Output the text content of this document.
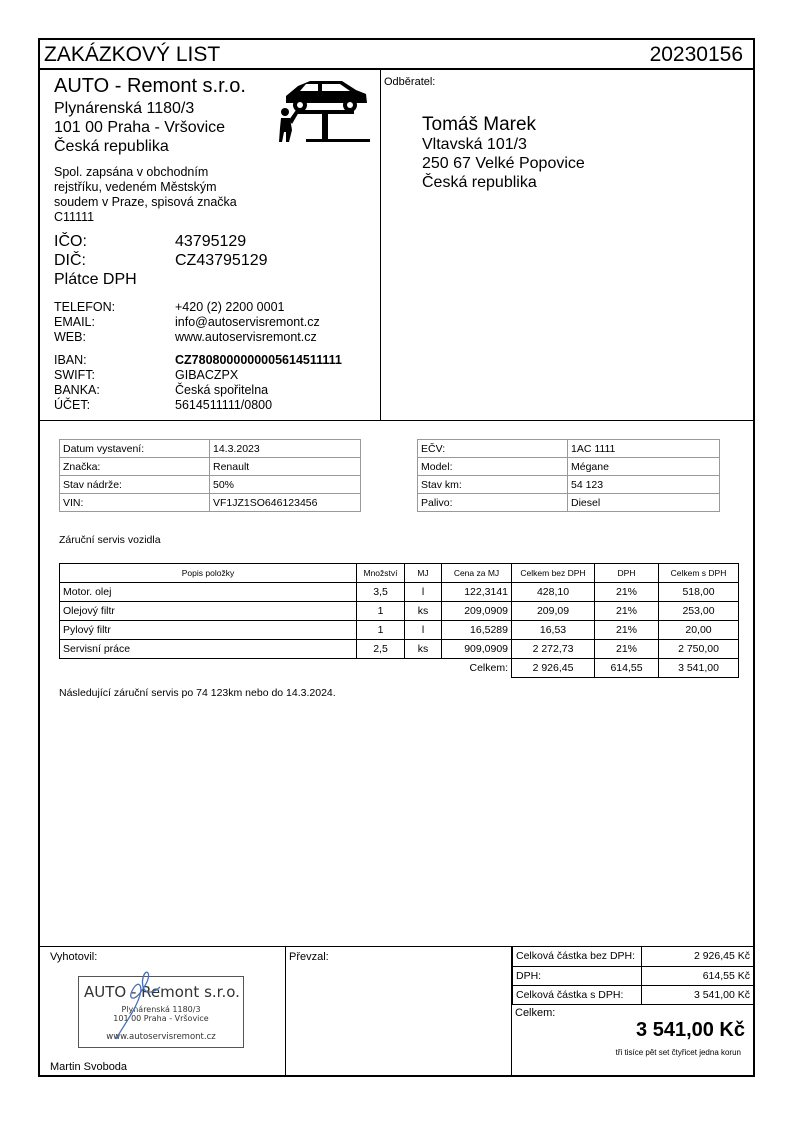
ZAKÁZKOVÝ LIST	20230156
AUTO - Remont s.r.o.
Plynárenská 1180/3
101 00 Praha - Vršovice
Česká republika
Spol. zapsána v obchodním
rejstříku, vedeném Městským
soudem v Praze, spisová značka
C11111
IČO:	43795129
DIČ:	CZ43795129
Plátce DPH
TELEFON:	+420 (2) 2200 0001
EMAIL:	info@autoservisremont.cz
WEB:	www.autoservisremont.cz
IBAN:	CZ7808000000005614511111
SWIFT:	GIBACZPX
BANKA:	Česká spořitelna
ÚČET:	5614511111/0800
Odběratel:
Tomáš Marek
Vltavská 101/3
250 67 Velké Popovice
Česká republika
Datum vystavení:	14.3.2023
Značka:	Renault
Stav nádrže:	50%
VIN:	VF1JZ1SO646123456
EČV:	1AC 1111
Model:	Mégane
Stav km:	54 123
Palivo:	Diesel
Záruční servis vozidla
Popis položky	Množství	MJ	Cena za MJ	Celkem bez DPH	DPH	Celkem s DPH
Motor. olej	3,5	l	122,3141	428,10	21%	518,00
Olejový filtr	1	ks	209,0909	209,09	21%	253,00
Pylový filtr	1	l	16,5289	16,53	21%	20,00
Servisní práce	2,5	ks	909,0909	2 272,73	21%	2 750,00
Celkem:				2 926,45	614,55	3 541,00
Následující záruční servis po 74 123km nebo do 14.3.2024.
Vyhotovil:	Převzal:
AUTO - Remont s.r.o.
Plynárenská 1180/3
101 00 Praha - Vršovice
www.autoservisremont.cz
Martin Svoboda
Celková částka bez DPH:	2 926,45 Kč
DPH:	614,55 Kč
Celková částka s DPH:	3 541,00 Kč
Celkem:
3 541,00 Kč
tři tisíce pět set čtyřicet jedna korun
